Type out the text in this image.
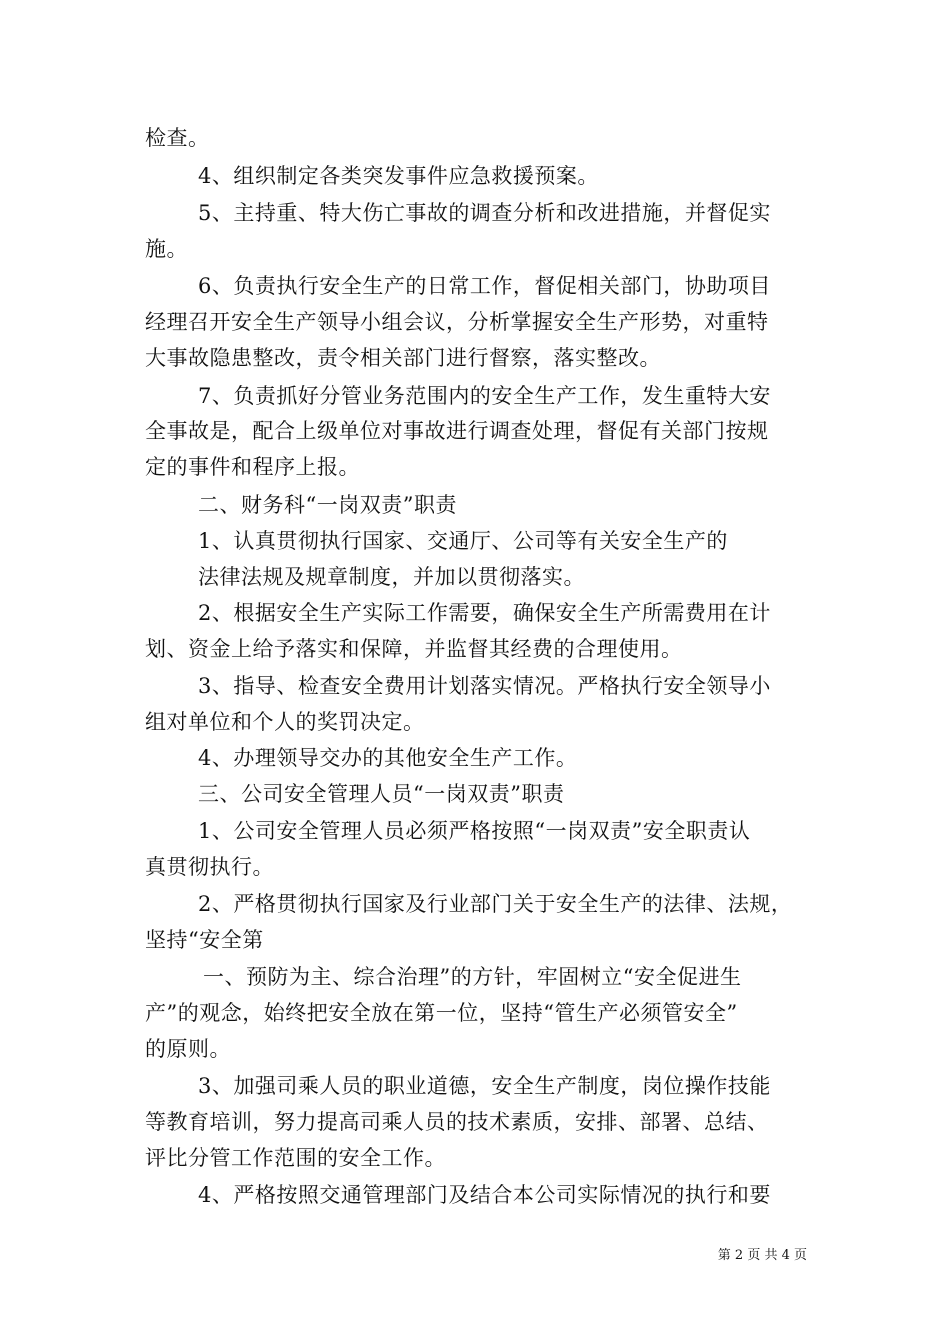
检查。
4、组织制定各类突发事件应急救援预案。
5、主持重、特大伤亡事故的调查分析和改进措施，并督促实
施。
6、负责执行安全生产的日常工作，督促相关部门，协助项目
经理召开安全生产领导小组会议，分析掌握安全生产形势，对重特
大事故隐患整改，责令相关部门进行督察，落实整改。
7、负责抓好分管业务范围内的安全生产工作，发生重特大安
全事故是，配合上级单位对事故进行调查处理，督促有关部门按规
定的事件和程序上报。
二、财务科“一岗双责”职责
1、认真贯彻执行国家、交通厅、公司等有关安全生产的
法律法规及规章制度，并加以贯彻落实。
2、根据安全生产实际工作需要，确保安全生产所需费用在计
划、资金上给予落实和保障，并监督其经费的合理使用。
3、指导、检查安全费用计划落实情况。严格执行安全领导小
组对单位和个人的奖罚决定。
4、办理领导交办的其他安全生产工作。
三、公司安全管理人员“一岗双责”职责
1、公司安全管理人员必须严格按照“一岗双责”安全职责认
真贯彻执行。
2、严格贯彻执行国家及行业部门关于安全生产的法律、法规，
坚持“安全第
一、预防为主、综合治理”的方针，牢固树立“安全促进生
产”的观念，始终把安全放在第一位，坚持“管生产必须管安全”
的原则。
3、加强司乘人员的职业道德，安全生产制度，岗位操作技能
等教育培训，努力提高司乘人员的技术素质，安排、部署、总结、
评比分管工作范围的安全工作。
4、严格按照交通管理部门及结合本公司实际情况的执行和要
第 2 页 共 4 页
